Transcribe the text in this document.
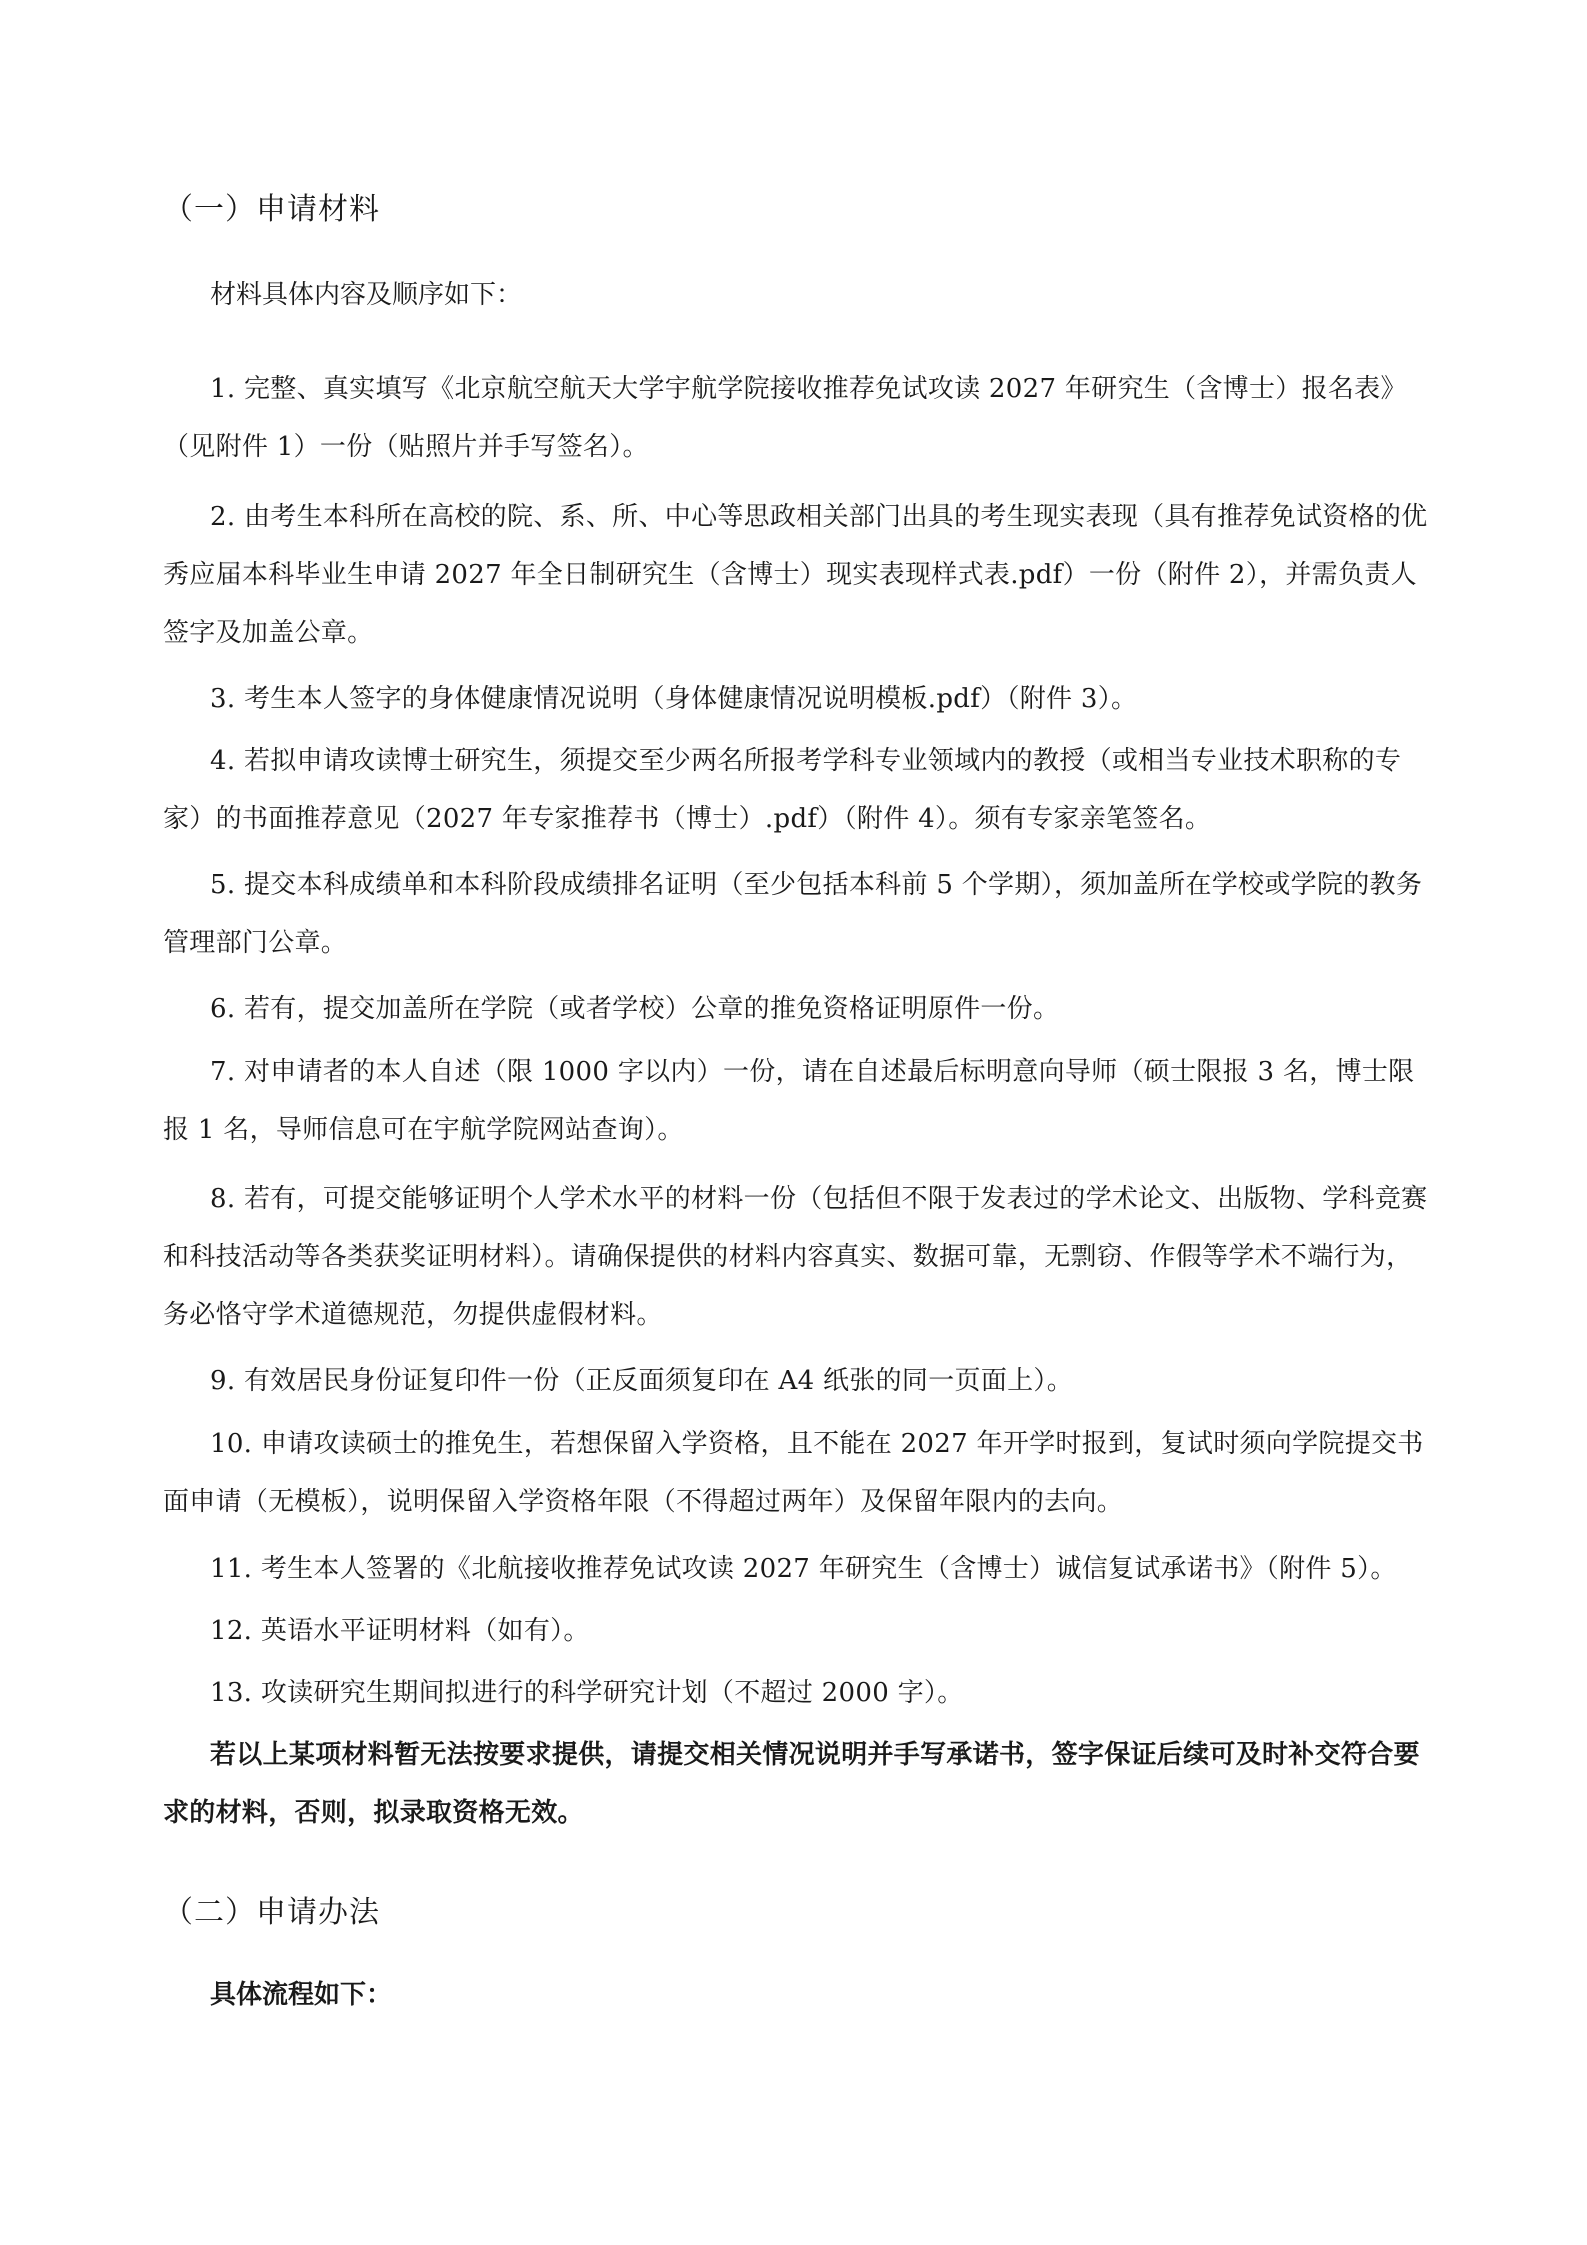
（一）申请材料

材料具体内容及顺序如下：

1. 完整、真实填写《北京航空航天大学宇航学院接收推荐免试攻读 2027 年研究生（含博士）报名表》（见附件 1）一份（贴照片并手写签名）。

2. 由考生本科所在高校的院、系、所、中心等思政相关部门出具的考生现实表现（具有推荐免试资格的优秀应届本科毕业生申请 2027 年全日制研究生（含博士）现实表现样式表.pdf）一份（附件 2），并需负责人签字及加盖公章。

3. 考生本人签字的身体健康情况说明（身体健康情况说明模板.pdf）（附件 3）。

4. 若拟申请攻读博士研究生，须提交至少两名所报考学科专业领域内的教授（或相当专业技术职称的专家）的书面推荐意见（2027 年专家推荐书（博士）.pdf）（附件 4）。须有专家亲笔签名。

5. 提交本科成绩单和本科阶段成绩排名证明（至少包括本科前 5 个学期），须加盖所在学校或学院的教务管理部门公章。

6. 若有，提交加盖所在学院（或者学校）公章的推免资格证明原件一份。

7. 对申请者的本人自述（限 1000 字以内）一份，请在自述最后标明意向导师（硕士限报 3 名，博士限报 1 名，导师信息可在宇航学院网站查询）。

8. 若有，可提交能够证明个人学术水平的材料一份（包括但不限于发表过的学术论文、出版物、学科竞赛和科技活动等各类获奖证明材料）。请确保提供的材料内容真实、数据可靠，无剽窃、作假等学术不端行为，务必恪守学术道德规范，勿提供虚假材料。

9. 有效居民身份证复印件一份（正反面须复印在 A4 纸张的同一页面上）。

10. 申请攻读硕士的推免生，若想保留入学资格，且不能在 2027 年开学时报到，复试时须向学院提交书面申请（无模板），说明保留入学资格年限（不得超过两年）及保留年限内的去向。

11. 考生本人签署的《北航接收推荐免试攻读 2027 年研究生（含博士）诚信复试承诺书》（附件 5）。

12. 英语水平证明材料（如有）。

13. 攻读研究生期间拟进行的科学研究计划（不超过 2000 字）。

若以上某项材料暂无法按要求提供，请提交相关情况说明并手写承诺书，签字保证后续可及时补交符合要求的材料，否则，拟录取资格无效。

（二）申请办法

具体流程如下：
